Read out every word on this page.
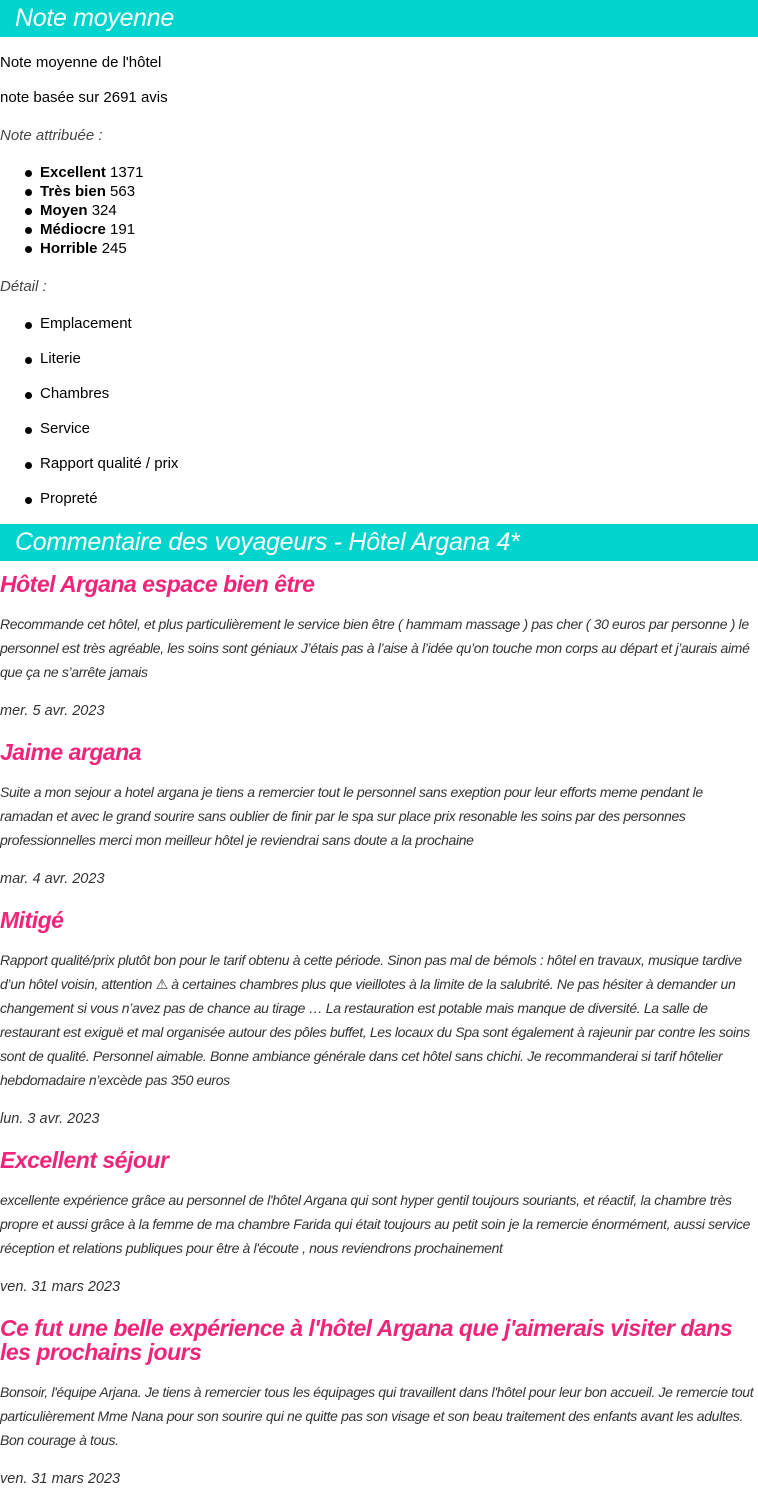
Note moyenne
Note moyenne de l'hôtel
note basée sur 2691 avis
Note attribuée :
Excellent 1371
Très bien 563
Moyen 324
Médiocre 191
Horrible 245
Détail :
Emplacement
Literie
Chambres
Service
Rapport qualité / prix
Propreté
Commentaire des voyageurs - Hôtel Argana 4*
Hôtel Argana espace bien être
Recommande cet hôtel, et plus particulièrement le service bien être ( hammam massage ) pas cher ( 30 euros par personne ) le personnel est très agréable, les soins sont géniaux J’étais pas à l’aise à l’idée qu’on touche mon corps au départ et j’aurais aimé que ça ne s’arrête jamais
mer. 5 avr. 2023
Jaime argana
Suite a mon sejour a hotel argana je tiens a remercier tout le personnel sans exeption pour leur efforts meme pendant le ramadan et avec le grand sourire sans oublier de finir par le spa sur place prix resonable les soins par des personnes professionnelles merci mon meilleur hôtel je reviendrai sans doute a la prochaine
mar. 4 avr. 2023
Mitigé
Rapport qualité/prix plutôt bon pour le tarif obtenu à cette période. Sinon pas mal de bémols : hôtel en travaux, musique tardive d’un hôtel voisin, attention ⚠ à certaines chambres plus que vieillotes à la limite de la salubrité. Ne pas hésiter à demander un changement si vous n’avez pas de chance au tirage … La restauration est potable mais manque de diversité. La salle de restaurant est exiguë et mal organisée autour des pôles buffet, Les locaux du Spa sont également à rajeunir par contre les soins sont de qualité. Personnel aimable. Bonne ambiance générale dans cet hôtel sans chichi. Je recommanderai si tarif hôtelier hebdomadaire n’excède pas 350 euros
lun. 3 avr. 2023
Excellent séjour
excellente expérience grâce au personnel de l'hôtel Argana qui sont hyper gentil toujours souriants, et réactif, la chambre très propre et aussi grâce à la femme de ma chambre Farida qui était toujours au petit soin je la remercie énormément, aussi service réception et relations publiques pour être à l'écoute , nous reviendrons prochainement
ven. 31 mars 2023
Ce fut une belle expérience à l'hôtel Argana que j'aimerais visiter dans les prochains jours
Bonsoir, l'équipe Arjana. Je tiens à remercier tous les équipages qui travaillent dans l'hôtel pour leur bon accueil. Je remercie tout particulièrement Mme Nana pour son sourire qui ne quitte pas son visage et son beau traitement des enfants avant les adultes. Bon courage à tous.
ven. 31 mars 2023
